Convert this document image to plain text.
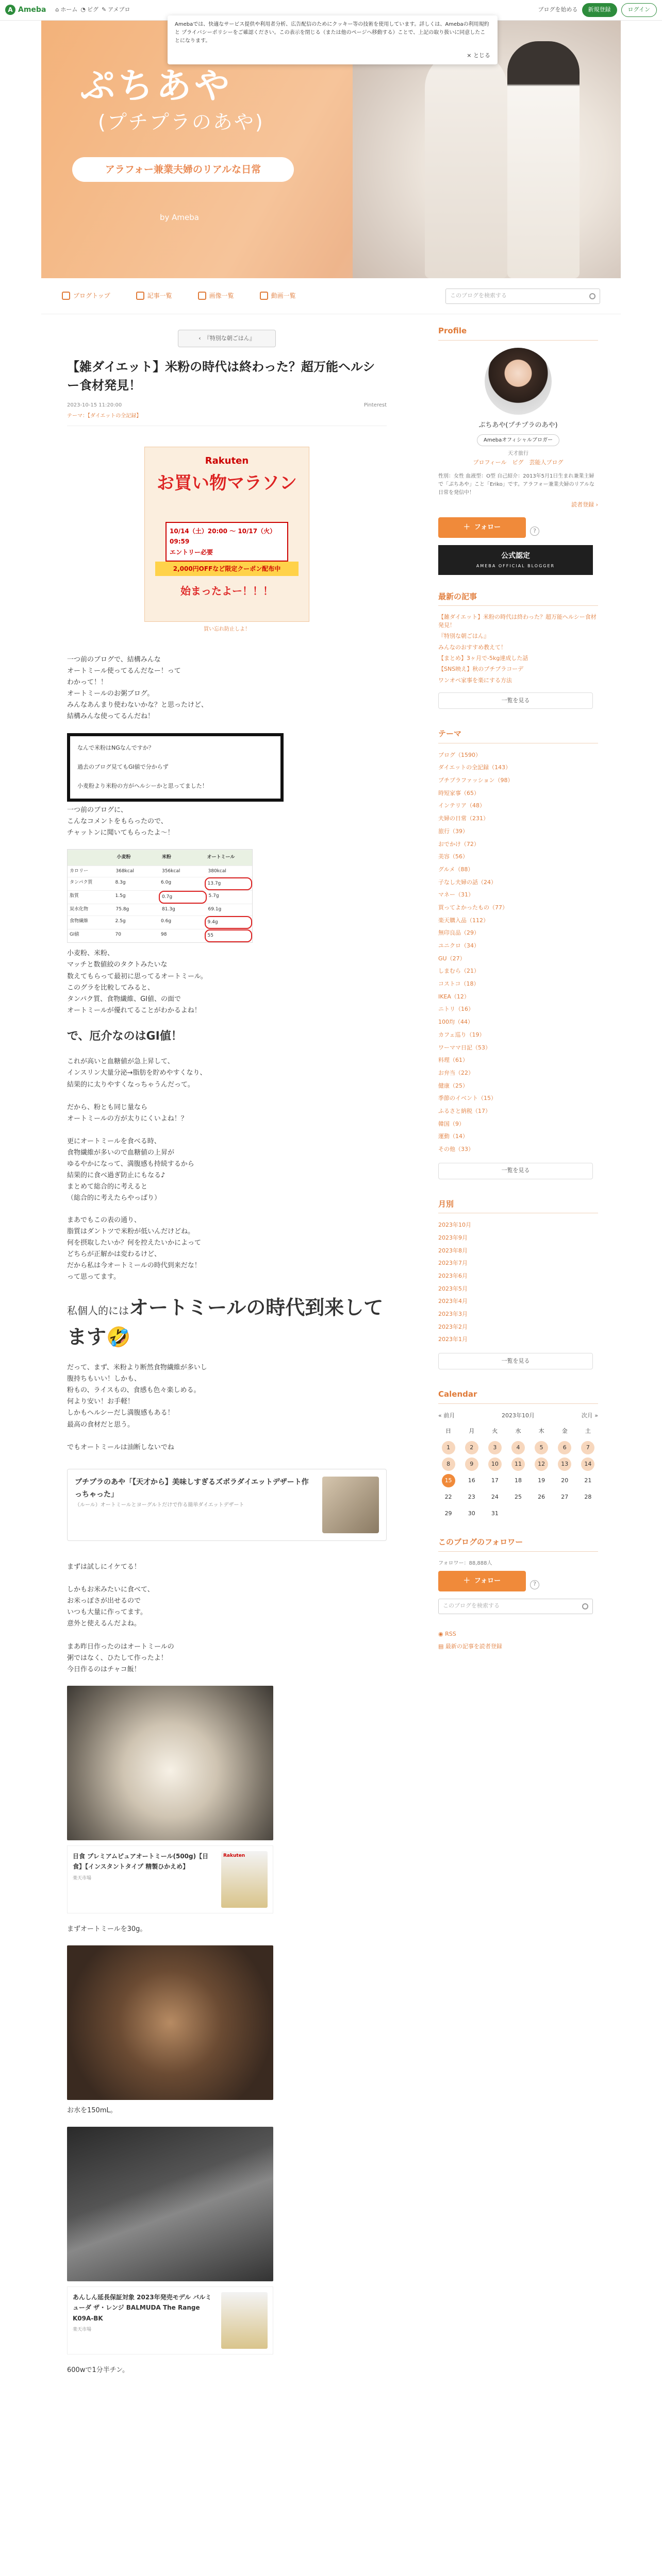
A Ameba ⌂ ホーム ◔ ピグ ✎ アメブロ	ブログを始める	新規登録	ログイン
Amebaでは、快適なサービス提供や利用者分析、広告配信のためにクッキー等の技術を使用しています。詳しくは、Amebaの利用規約 と プライバシーポリシーをご確認ください。この表示を閉じる（または他のページへ移動する）ことで、上記の取り扱いに同意したことになります。
× とじる
ぷちあや
(プチプラのあや)
アラフォー兼業夫婦のリアルな日常
by Ameba
ブログトップ	記事一覧	画像一覧	動画一覧	このブログを検索する
‹ 『特別な朝ごはん』
【雑ダイエット】米粉の時代は終わった？超万能ヘルシー食材発見！
2023-10-15 11:20:00	Pinterest
テーマ：【ダイエットの全記録】
Rakuten
お買い物マラソン
10/14（土）20:00 ～ 10/17（火）09:59
エントリー必要
2,000円OFFなど限定クーポン配布中
始まったよー！！！
買い忘れ防止しよ！

一つ前のブログで、結構みんな
オートミール使ってるんだなー！って
わかって！！
オートミールのお粥ブログ。
みんなあんまり使わないかな？と思ったけど、
結構みんな使ってるんだね！

なんで米粉はNGなんですか？

過去のブログ見てもGI値で分からず

小麦粉より米粉の方がヘルシーかと思ってました！

一つ前のブログに、
こんなコメントをもらったので、
チャットンに聞いてもらったよ～！

小麦粉	米粉	オートミール
カロリー	368kcal	356kcal	380kcal
タンパク質	8.3g	6.0g	13.7g
脂質	1.5g	0.7g	5.7g
炭水化物	75.8g	81.3g	69.1g
食物繊維	2.5g	0.6g	9.4g
GI値	70	98	55

小麦粉、米粉、
マッチと数値絞のタクトみたいな
数えてもらって最初に思ってるオートミール。
このグラを比較してみると、
タンパク質、食物繊維、GI値、の面で
オートミールが優れてることがわかるよね！

で、厄介なのはGI値！

これが高いと血糖値が急上昇して、
インスリン大量分泌→脂肪を貯めやすくなり、
結果的に太りやすくなっちゃうんだって。

だから、粉とも同じ量なら
オートミールの方が太りにくいよね！？

更にオートミールを食べる時、
食物繊維が多いので血糖値の上昇が
ゆるやかになって、満腹感も持続するから
結果的に食べ過ぎ防止にもなる♪
まとめて総合的に考えると
（総合的に考えたらやっぱり）

まあでもこの表の通り、
脂質はダントツで米粉が低いんだけどね。
何を摂取したいか？何を控えたいかによって
どちらが正解かは変わるけど、
だから私は今オートミールの時代到来だな！
って思ってます。

私個人的にはオートミールの時代到来してます🤣

だって、まず、米粉より断然食物繊維が多いし
腹持ちもいい！しかも、
粉もの、ライスもの、食感も色々楽しめる。
何より安い！お手軽！
しかもヘルシーだし満腹感もある！
最高の食材だと思う。

でもオートミールは油断しないでね

プチプラのあや「【天才から】美味しすぎるズボラダイエットデザート作っちゃった」
（ルール）オートミールとヨーグルトだけで作る簡単ダイエットデザート

まずは試しにイケてる！

しかもお米みたいに食べて、
お米っぽさが出せるので
いつも大量に作ってます。
意外と使えるんだよね。

まあ昨日作ったのはオートミールの
粥ではなく、ひたして作ったよ！
今日作るのはチャコ飯！

日食 プレミアムピュアオートミール(500g)【日食】【インスタントタイプ 精製ひかえめ】
楽天市場
Rakuten

まずオートミールを30g。

お水を150mL。

あんしん延長保証対象 2023年発売モデル バルミューダ ザ・レンジ BALMUDA The Range K09A-BK
楽天市場

600wで1分半チン。

Profile
ぷちあや(プチプラのあや)
Amebaオフィシャルブロガー
天才旅行
プロフィール　ピグ　芸能人ブログ
性別：女性 血液型：O型 自己紹介：2013年5月1日生まれ兼業主婦で「ぷちあや」こと「Eriko」です。アラフォー兼業夫婦のリアルな日常を発信中！
読者登録 ›
＋ フォロー	?
公式認定
AMEBA OFFICIAL BLOGGER
最新の記事
【雑ダイエット】米粉の時代は終わった？超万能ヘルシー食材発見！
『特別な朝ごはん』
みんなのおすすめ教えて！
【まとめ】3ヶ月で-5kg達成した話
【SNS映え】秋のプチプラコーデ
ワンオペ家事を楽にする方法
一覧を見る
テーマ
ブログ（1590）
ダイエットの全記録（143）
プチプラファッション（98）
時短家事（65）
インテリア（48）
夫婦の日常（231）
旅行（39）
おでかけ（72）
美容（56）
グルメ（88）
子なし夫婦の話（24）
マネー（31）
買ってよかったもの（77）
楽天購入品（112）
無印良品（29）
ユニクロ（34）
GU（27）
しまむら（21）
コストコ（18）
IKEA（12）
ニトリ（16）
100均（44）
カフェ巡り（19）
ワーママ日記（53）
料理（61）
お弁当（22）
健康（25）
季節のイベント（15）
ふるさと納税（17）
韓国（9）
運動（14）
その他（33）
一覧を見る
月別
2023年10月
2023年9月
2023年8月
2023年7月
2023年6月
2023年5月
2023年4月
2023年3月
2023年2月
2023年1月
一覧を見る
Calendar
« 前月	2023年10月	次月 »
日	月	火	水	木	金	土
1	2	3	4	5	6	7
8	9	10	11	12	13	14
15	16	17	18	19	20	21
22	23	24	25	26	27	28
29	30	31
このブログのフォロワー
フォロワー：88,888人
＋ フォロー	?
このブログを検索する
◉ RSS
▤ 最新の記事を読者登録
